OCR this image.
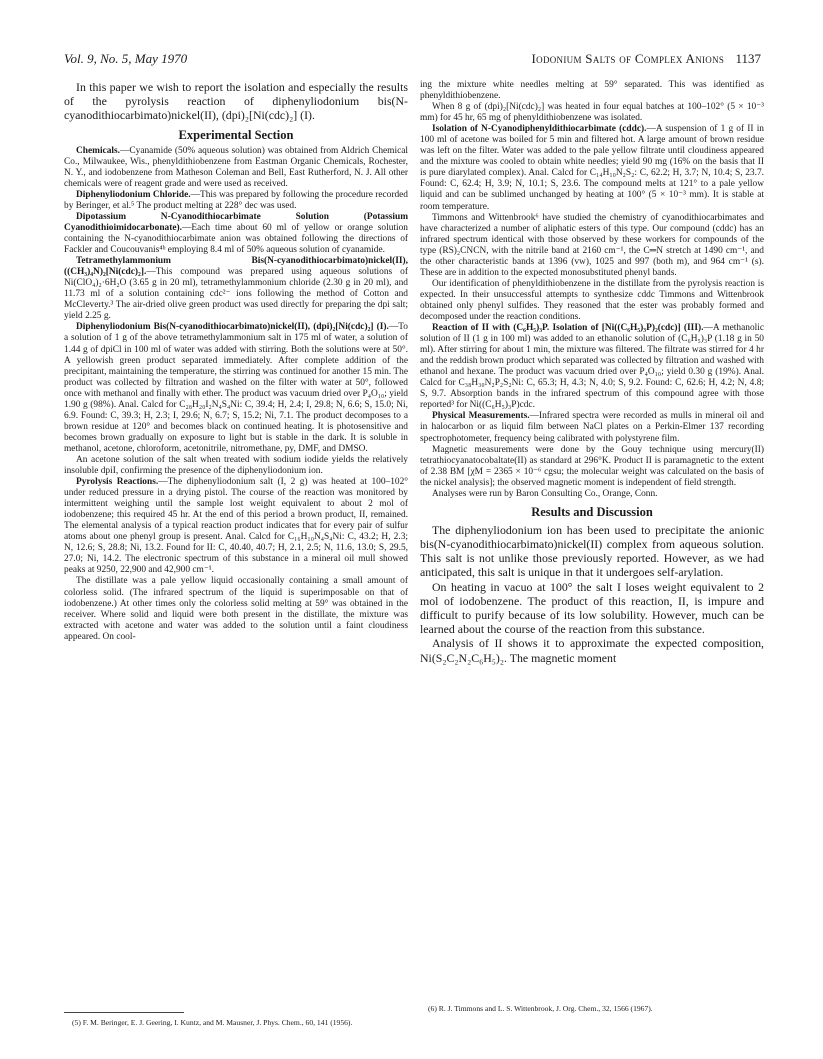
Vol. 9, No. 5, May 1970	Iodonium Salts of Complex Anions 1137

In this paper we wish to report the isolation and especially the results of the pyrolysis reaction of diphenyliodonium bis(N-cyanodithiocarbimato)nickel(II), (dpi)₂[Ni(cdc)₂] (I).

Experimental Section

Chemicals.—Cyanamide (50% aqueous solution) was obtained from Aldrich Chemical Co., Milwaukee, Wis., phenyldithiobenzene from Eastman Organic Chemicals, Rochester, N. Y., and iodobenzene from Matheson Coleman and Bell, East Rutherford, N. J. All other chemicals were of reagent grade and were used as received.

Diphenyliodonium Chloride.—This was prepared by following the procedure recorded by Beringer, et al.⁵ The product melting at 228° dec was used.

Dipotassium N-Cyanodithiocarbimate Solution (Potassium Cyanodithioimidocarbonate).—Each time about 60 ml of yellow or orange solution containing the N-cyanodithiocarbimate anion was obtained following the directions of Fackler and Coucouvanis⁴ᵇ employing 8.4 ml of 50% aqueous solution of cyanamide.

Tetramethylammonium Bis(N-cyanodithiocarbimato)nickel(II), ((CH₃)₄N)₂[Ni(cdc)₂].—This compound was prepared using aqueous solutions of Ni(ClO₄)₂·6H₂O (3.65 g in 20 ml), tetramethylammonium chloride (2.30 g in 20 ml), and 11.73 ml of a solution containing cdc²⁻ ions following the method of Cotton and McCleverty.³ The air-dried olive green product was used directly for preparing the dpi salt; yield 2.25 g.

Diphenyliodonium Bis(N-cyanodithiocarbimato)nickel(II), (dpi)₂[Ni(cdc)₂] (I).—To a solution of 1 g of the above tetramethylammonium salt in 175 ml of water, a solution of 1.44 g of dpiCl in 100 ml of water was added with stirring. Both the solutions were at 50°. A yellowish green product separated immediately. After complete addition of the precipitant, maintaining the temperature, the stirring was continued for another 15 min. The product was collected by filtration and washed on the filter with water at 50°, followed once with methanol and finally with ether. The product was vacuum dried over P₄O₁₀; yield 1.90 g (98%). Anal. Calcd for C₂₈H₂₀I₂N₄S₄Ni: C, 39.4; H, 2.4; I, 29.8; N, 6.6; S, 15.0; Ni, 6.9. Found: C, 39.3; H, 2.3; I, 29.6; N, 6.7; S, 15.2; Ni, 7.1. The product decomposes to a brown residue at 120° and becomes black on continued heating. It is photosensitive and becomes brown gradually on exposure to light but is stable in the dark. It is soluble in methanol, acetone, chloroform, acetonitrile, nitromethane, py, DMF, and DMSO.

An acetone solution of the salt when treated with sodium iodide yields the relatively insoluble dpiI, confirming the presence of the diphenyliodonium ion.

Pyrolysis Reactions.—The diphenyliodonium salt (I, 2 g) was heated at 100–102° under reduced pressure in a drying pistol. The course of the reaction was monitored by intermittent weighing until the sample lost weight equivalent to about 2 mol of iodobenzene; this required 45 hr. At the end of this period a brown product, II, remained. The elemental analysis of a typical reaction product indicates that for every pair of sulfur atoms about one phenyl group is present. Anal. Calcd for C₁₆H₁₀N₄S₄Ni: C, 43.2; H, 2.3; N, 12.6; S, 28.8; Ni, 13.2. Found for II: C, 40.40, 40.7; H, 2.1, 2.5; N, 11.6, 13.0; S, 29.5, 27.0; Ni, 14.2. The electronic spectrum of this substance in a mineral oil mull showed peaks at 9250, 22,900 and 42,900 cm⁻¹.

The distillate was a pale yellow liquid occasionally containing a small amount of colorless solid. (The infrared spectrum of the liquid is superimposable on that of iodobenzene.) At other times only the colorless solid melting at 59° was obtained in the receiver. Where solid and liquid were both present in the distillate, the mixture was extracted with acetone and water was added to the solution until a faint cloudiness appeared. On cool-

ing the mixture white needles melting at 59° separated. This was identified as phenyldithiobenzene.

When 8 g of (dpi)₂[Ni(cdc)₂] was heated in four equal batches at 100–102° (5 × 10⁻³ mm) for 45 hr, 65 mg of phenyldithiobenzene was isolated.

Isolation of N-Cyanodiphenyldithiocarbimate (cddc).—A suspension of 1 g of II in 100 ml of acetone was boiled for 5 min and filtered hot. A large amount of brown residue was left on the filter. Water was added to the pale yellow filtrate until cloudiness appeared and the mixture was cooled to obtain white needles; yield 90 mg (16% on the basis that II is pure diarylated complex). Anal. Calcd for C₁₄H₁₀N₂S₂: C, 62.2; H, 3.7; N, 10.4; S, 23.7. Found: C, 62.4; H, 3.9; N, 10.1; S, 23.6. The compound melts at 121° to a pale yellow liquid and can be sublimed unchanged by heating at 100° (5 × 10⁻³ mm). It is stable at room temperature.

Timmons and Wittenbrook⁶ have studied the chemistry of cyanodithiocarbimates and have characterized a number of aliphatic esters of this type. Our compound (cddc) has an infrared spectrum identical with those observed by these workers for compounds of the type (RS)₂CNCN, with the nitrile band at 2160 cm⁻¹, the C═N stretch at 1490 cm⁻¹, and the other characteristic bands at 1396 (vw), 1025 and 997 (both m), and 964 cm⁻¹ (s). These are in addition to the expected monosubstituted phenyl bands.

Our identification of phenyldithiobenzene in the distillate from the pyrolysis reaction is expected. In their unsuccessful attempts to synthesize cddc Timmons and Wittenbrook obtained only phenyl sulfides. They reasoned that the ester was probably formed and decomposed under the reaction conditions.

Reaction of II with (C₆H₅)₃P. Isolation of [Ni((C₆H₅)₃P)₂(cdc)] (III).—A methanolic solution of II (1 g in 100 ml) was added to an ethanolic solution of (C₆H₅)₃P (1.18 g in 50 ml). After stirring for about 1 min, the mixture was filtered. The filtrate was stirred for 4 hr and the reddish brown product which separated was collected by filtration and washed with ethanol and hexane. The product was vacuum dried over P₄O₁₀; yield 0.30 g (19%). Anal. Calcd for C₃₈H₃₀N₂P₂S₂Ni: C, 65.3; H, 4.3; N, 4.0; S, 9.2. Found: C, 62.6; H, 4.2; N, 4.8; S, 9.7. Absorption bands in the infrared spectrum of this compound agree with those reported³ for Ni((C₆H₅)₃P)cdc.

Physical Measurements.—Infrared spectra were recorded as mulls in mineral oil and in halocarbon or as liquid film between NaCl plates on a Perkin-Elmer 137 recording spectrophotometer, frequency being calibrated with polystyrene film.

Magnetic measurements were done by the Gouy technique using mercury(II) tetrathiocyanatocobaltate(II) as standard at 296°K. Product II is paramagnetic to the extent of 2.38 BM [χM = 2365 × 10⁻⁶ cgsu; the molecular weight was calculated on the basis of the nickel analysis]; the observed magnetic moment is independent of field strength.

Analyses were run by Baron Consulting Co., Orange, Conn.

Results and Discussion

The diphenyliodonium ion has been used to precipitate the anionic bis(N-cyanodithiocarbimato)nickel(II) complex from aqueous solution. This salt is not unlike those previously reported. However, as we had anticipated, this salt is unique in that it undergoes self-arylation.

On heating in vacuo at 100° the salt I loses weight equivalent to 2 mol of iodobenzene. The product of this reaction, II, is impure and difficult to purify because of its low solubility. However, much can be learned about the course of the reaction from this substance.

Analysis of II shows it to approximate the expected composition, Ni(S₂C₂N₂C₆H₅)₂. The magnetic moment

(5) F. M. Beringer, E. J. Geering, I. Kuntz, and M. Mausner, J. Phys. Chem., 60, 141 (1956).
(6) R. J. Timmons and L. S. Wittenbrook, J. Org. Chem., 32, 1566 (1967).
